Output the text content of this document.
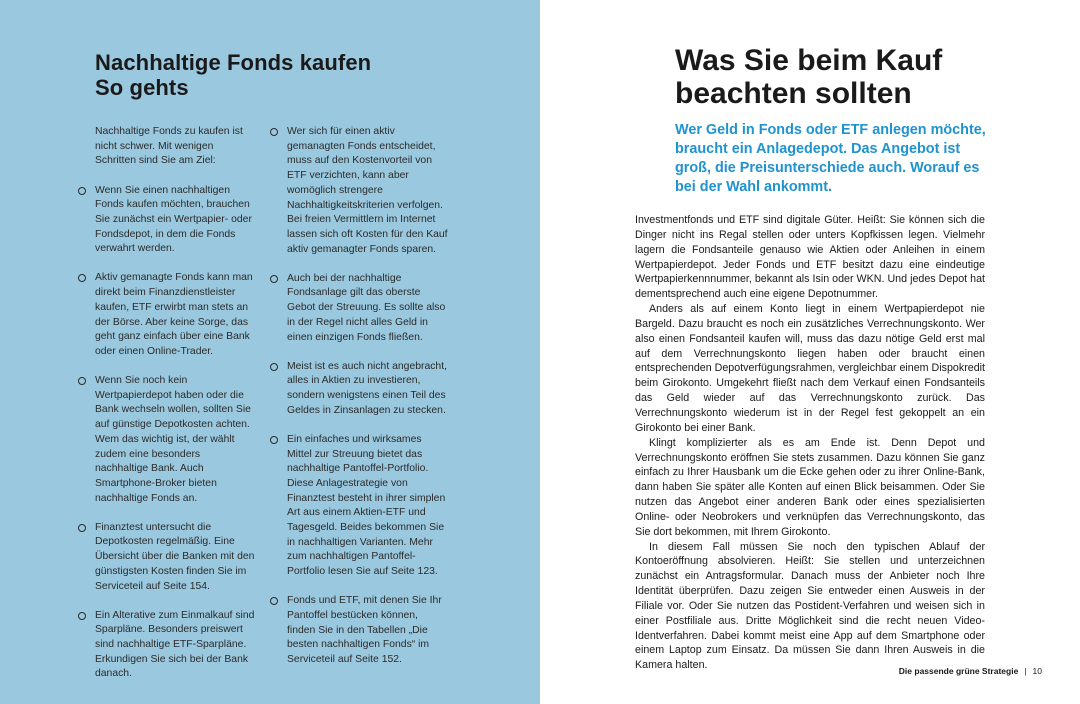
Nachhaltige Fonds kaufen
So gehts

Nachhaltige Fonds zu kaufen ist nicht schwer. Mit wenigen Schritten sind Sie am Ziel:

Wenn Sie einen nachhaltigen Fonds kaufen möchten, brauchen Sie zunächst ein Wertpapier- oder Fondsdepot, in dem die Fonds verwahrt werden.

Aktiv gemanagte Fonds kann man direkt beim Finanzdienstleister kaufen, ETF erwirbt man stets an der Börse. Aber keine Sorge, das geht ganz einfach über eine Bank oder einen Online-Trader.

Wenn Sie noch kein Wertpapierdepot haben oder die Bank wechseln wollen, sollten Sie auf günstige Depotkosten achten. Wem das wichtig ist, der wählt zudem eine besonders nachhaltige Bank. Auch Smartphone-Broker bieten nachhaltige Fonds an.

Finanztest untersucht die Depotkosten regelmäßig. Eine Übersicht über die Banken mit den günstigsten Kosten finden Sie im Serviceteil auf Seite 154.

Ein Alterative zum Einmalkauf sind Sparpläne. Besonders preiswert sind nachhaltige ETF-Sparpläne. Erkundigen Sie sich bei der Bank danach.

Wer sich für einen aktiv gemanagten Fonds entscheidet, muss auf den Kostenvorteil von ETF verzichten, kann aber womöglich strengere Nachhaltigkeitskriterien verfolgen. Bei freien Vermittlern im Internet lassen sich oft Kosten für den Kauf aktiv gemanagter Fonds sparen.

Auch bei der nachhaltige Fondsanlage gilt das oberste Gebot der Streuung. Es sollte also in der Regel nicht alles Geld in einen einzigen Fonds fließen.

Meist ist es auch nicht angebracht, alles in Aktien zu investieren, sondern wenigstens einen Teil des Geldes in Zinsanlagen zu stecken.

Ein einfaches und wirksames Mittel zur Streuung bietet das nachhaltige Pantoffel-Portfolio. Diese Anlagestrategie von Finanztest besteht in ihrer simplen Art aus einem Aktien-ETF und Tagesgeld. Beides bekommen Sie in nachhaltigen Varianten. Mehr zum nachhaltigen Pantoffel-Portfolio lesen Sie auf Seite 123.

Fonds und ETF, mit denen Sie Ihr Pantoffel bestücken können, finden Sie in den Tabellen „Die besten nachhaltigen Fonds“ im Serviceteil auf Seite 152.

Was Sie beim Kauf
beachten sollten
Wer Geld in Fonds oder ETF anlegen möchte,
braucht ein Anlagedepot. Das Angebot ist
groß, die Preisunterschiede auch. Worauf es
bei der Wahl ankommt.

Investmentfonds und ETF sind digitale Güter. Heißt: Sie können sich die Dinger nicht ins Regal stellen oder unters Kopfkissen legen. Vielmehr lagern die Fondsanteile genauso wie Aktien oder Anleihen in einem Wertpapierdepot. Jeder Fonds und ETF besitzt dazu eine eindeutige Wertpapierkennnummer, bekannt als Isin oder WKN. Und jedes Depot hat dementsprechend auch eine eigene Depotnummer.

Anders als auf einem Konto liegt in einem Wertpapierdepot nie Bargeld. Dazu braucht es noch ein zusätzliches Verrechnungskonto. Wer also einen Fondsanteil kaufen will, muss das dazu nötige Geld erst mal auf dem Verrechnungskonto liegen haben oder braucht einen entsprechenden Depotverfügungsrahmen, vergleichbar einem Dispokredit beim Girokonto. Umgekehrt fließt nach dem Verkauf einen Fondsanteils das Geld wieder auf das Verrechnungskonto zurück. Das Verrechnungskonto wiederum ist in der Regel fest gekoppelt an ein Girokonto bei einer Bank.

Klingt komplizierter als es am Ende ist. Denn Depot und Verrechnungskonto eröffnen Sie stets zusammen. Dazu können Sie ganz einfach zu Ihrer Hausbank um die Ecke gehen oder zu ihrer Online-Bank, dann haben Sie später alle Konten auf einen Blick beisammen. Oder Sie nutzen das Angebot einer anderen Bank oder eines spezialisierten Online- oder Neobrokers und verknüpfen das Verrechnungskonto, das Sie dort bekommen, mit Ihrem Girokonto.

In diesem Fall müssen Sie noch den typischen Ablauf der Kontoeröffnung absolvieren. Heißt: Sie stellen und unterzeichnen zunächst ein Antragsformular. Danach muss der Anbieter noch Ihre Identität überprüfen. Dazu zeigen Sie entweder einen Ausweis in der Filiale vor. Oder Sie nutzen das Postident-Verfahren und weisen sich in einer Postfiliale aus. Dritte Möglichkeit sind die recht neuen Video-Identverfahren. Dabei kommt meist eine App auf dem Smartphone oder einem Laptop zum Einsatz. Da müssen Sie dann Ihren Ausweis in die Kamera halten.	Die passende grüne Strategie | 10
